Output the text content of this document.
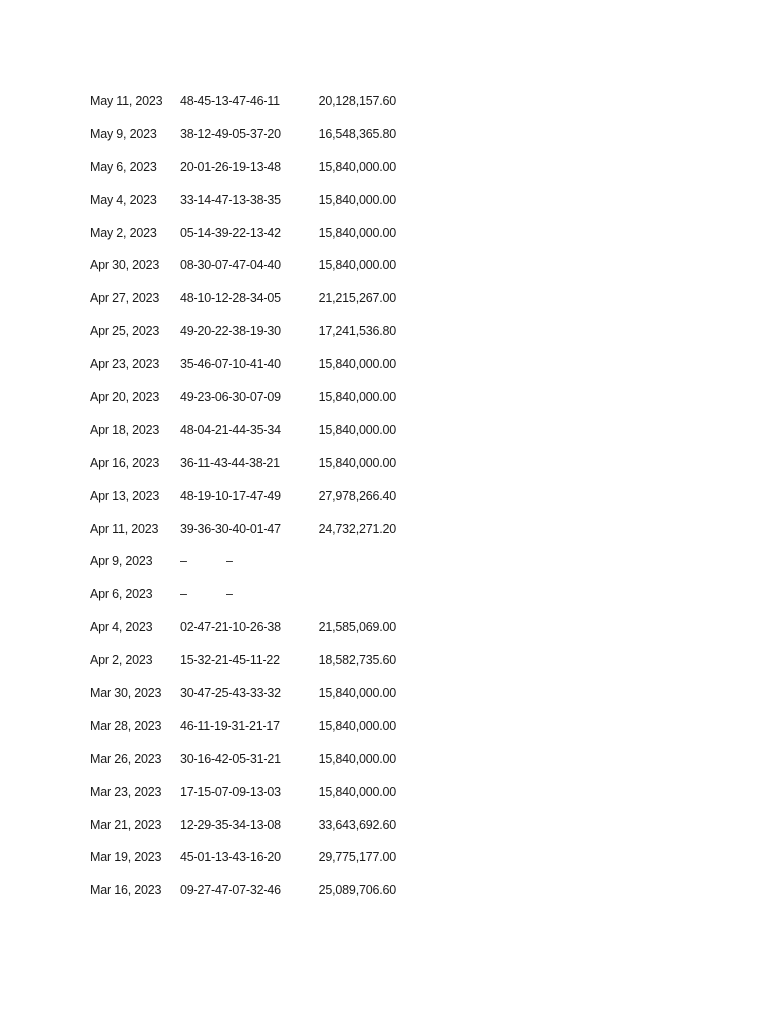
May 11, 2023 48-45-13-47-46-11	20,128,157.60
May 9, 2023 38-12-49-05-37-20	16,548,365.80
May 6, 2023 20-01-26-19-13-48	15,840,000.00
May 4, 2023 33-14-47-13-38-35	15,840,000.00
May 2, 2023 05-14-39-22-13-42	15,840,000.00
Apr 30, 2023 08-30-07-47-04-40	15,840,000.00
Apr 27, 2023 48-10-12-28-34-05	21,215,267.00
Apr 25, 2023 49-20-22-38-19-30	17,241,536.80
Apr 23, 2023 35-46-07-10-41-40	15,840,000.00
Apr 20, 2023 49-23-06-30-07-09	15,840,000.00
Apr 18, 2023 48-04-21-44-35-34	15,840,000.00
Apr 16, 2023 36-11-43-44-38-21	15,840,000.00
Apr 13, 2023 48-19-10-17-47-49	27,978,266.40
Apr 11, 2023 39-36-30-40-01-47	24,732,271.20
Apr 9, 2023 –	–
Apr 6, 2023 –	–
Apr 4, 2023 02-47-21-10-26-38	21,585,069.00
Apr 2, 2023 15-32-21-45-11-22	18,582,735.60
Mar 30, 2023 30-47-25-43-33-32	15,840,000.00
Mar 28, 2023 46-11-19-31-21-17	15,840,000.00
Mar 26, 2023 30-16-42-05-31-21	15,840,000.00
Mar 23, 2023 17-15-07-09-13-03	15,840,000.00
Mar 21, 2023 12-29-35-34-13-08	33,643,692.60
Mar 19, 2023 45-01-13-43-16-20	29,775,177.00
Mar 16, 2023 09-27-47-07-32-46	25,089,706.60
